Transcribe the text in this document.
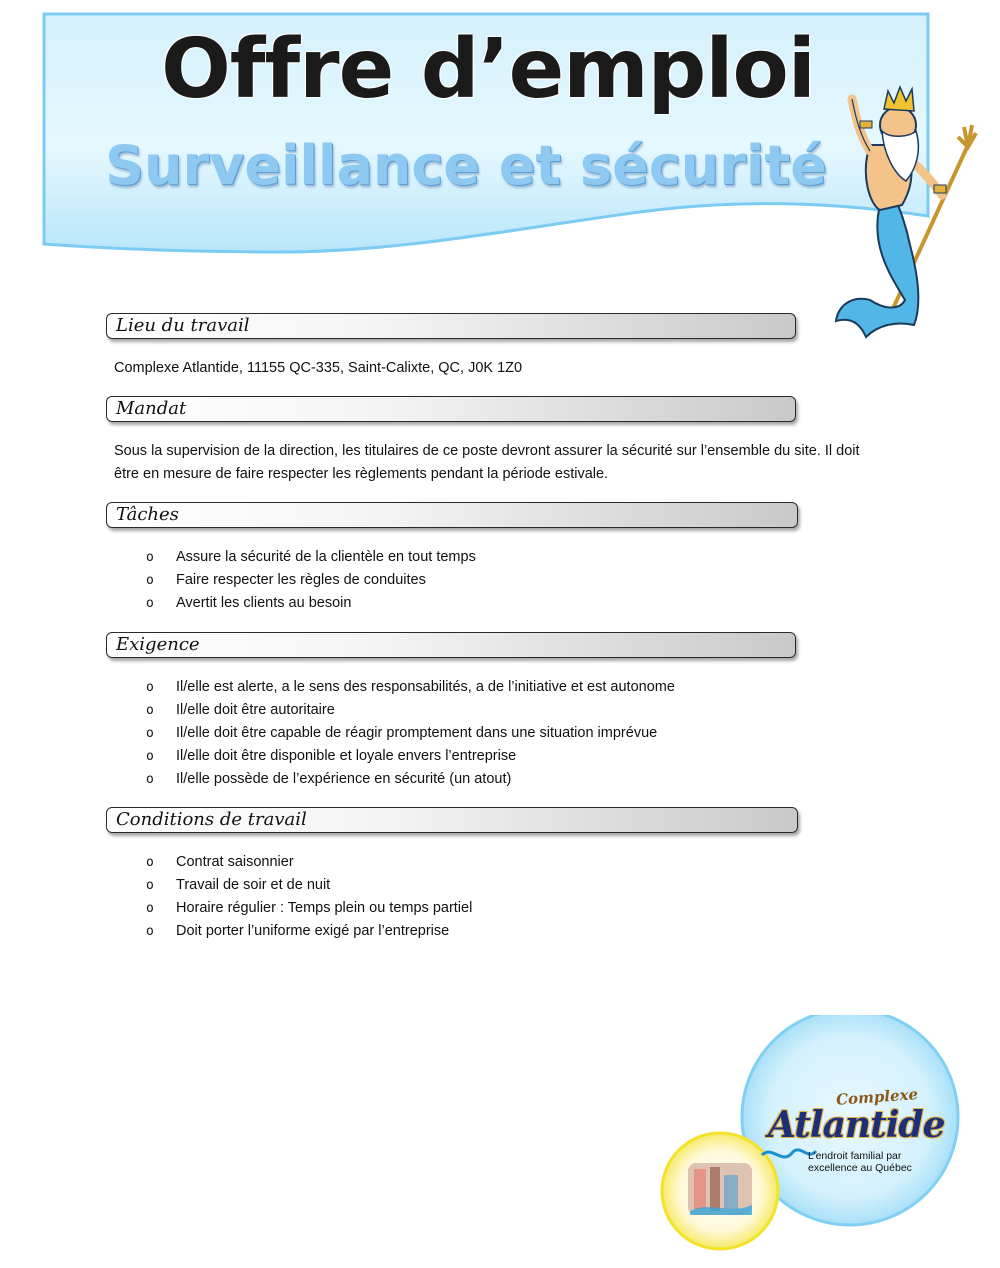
Offre d’emploi
Surveillance et sécurité
Lieu du travail
Complexe Atlantide, 11155 QC-335, Saint-Calixte, QC, J0K 1Z0
Mandat
Sous la supervision de la direction, les titulaires de ce poste devront assurer la sécurité sur l’ensemble du site. Il doit être en mesure de faire respecter les règlements pendant la période estivale.
Tâches
o Assure la sécurité de la clientèle en tout temps
o Faire respecter les règles de conduites
o Avertit les clients au besoin
Exigence
o Il/elle est alerte, a le sens des responsabilités, a de l’initiative et est autonome
o Il/elle doit être autoritaire
o Il/elle doit être capable de réagir promptement dans une situation imprévue
o Il/elle doit être disponible et loyale envers l’entreprise
o Il/elle possède de l’expérience en sécurité (un atout)
Conditions de travail
o Contrat saisonnier
o Travail de soir et de nuit
o Horaire régulier : Temps plein ou temps partiel
o Doit porter l’uniforme exigé par l’entreprise
Complexe
Atlantide
L’endroit familial par excellence au Québec
